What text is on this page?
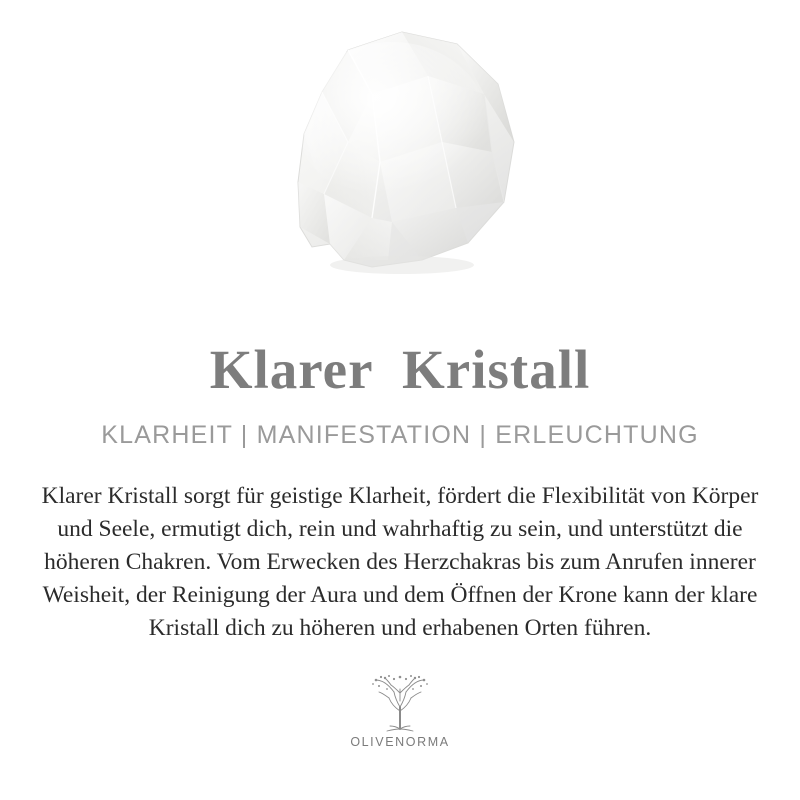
Klarer  Kristall
KLARHEIT | MANIFESTATION | ERLEUCHTUNG
Klarer Kristall sorgt für geistige Klarheit, fördert die Flexibilität von Körper und Seele, ermutigt dich, rein und wahrhaftig zu sein, und unterstützt die höheren Chakren. Vom Erwecken des Herzchakras bis zum Anrufen innerer Weisheit, der Reinigung der Aura und dem Öffnen der Krone kann der klare Kristall dich zu höheren und erhabenen Orten führen.
OLIVENORMA
